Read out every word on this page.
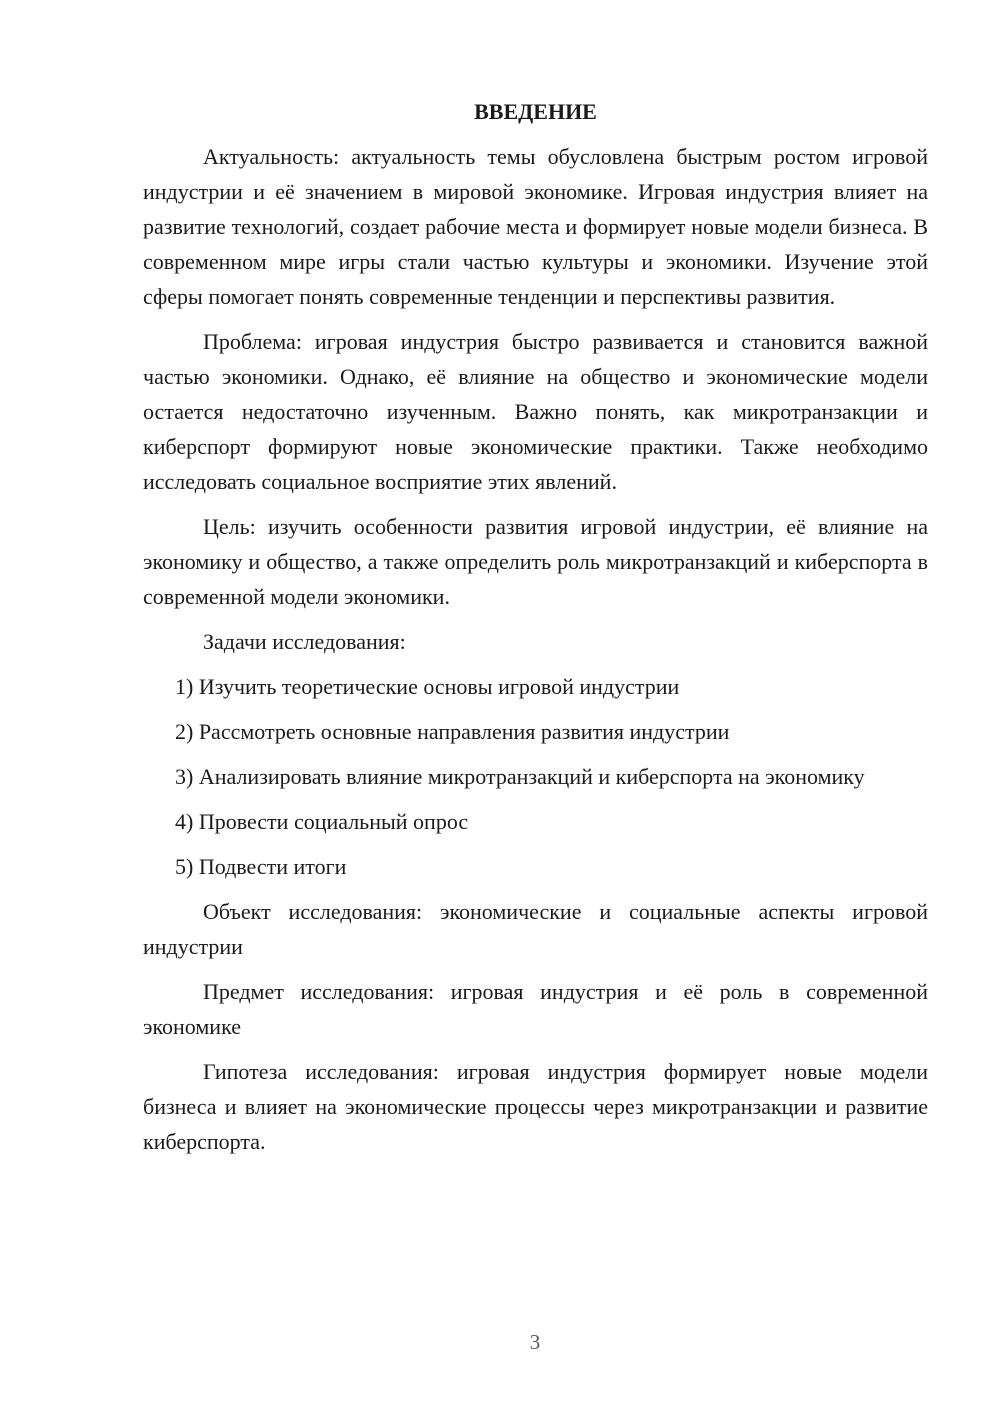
ВВЕДЕНИЕ

Актуальность: актуальность темы обусловлена быстрым ростом игровой индустрии и её значением в мировой экономике. Игровая индустрия влияет на развитие технологий, создает рабочие места и формирует новые модели бизнеса. В современном мире игры стали частью культуры и экономики. Изучение этой сферы помогает понять современные тенденции и перспективы развития.

Проблема: игровая индустрия быстро развивается и становится важной частью экономики. Однако, её влияние на общество и экономические модели остается недостаточно изученным. Важно понять, как микротранзакции и киберспорт формируют новые экономические практики. Также необходимо исследовать социальное восприятие этих явлений.

Цель: изучить особенности развития игровой индустрии, её влияние на экономику и общество, а также определить роль микротранзакций и киберспорта в современной модели экономики.

Задачи исследования:

1) Изучить теоретические основы игровой индустрии

2) Рассмотреть основные направления развития индустрии

3) Анализировать влияние микротранзакций и киберспорта на экономику

4) Провести социальный опрос

5) Подвести итоги

Объект исследования: экономические и социальные аспекты игровой индустрии

Предмет исследования: игровая индустрия и её роль в современной экономике

Гипотеза исследования: игровая индустрия формирует новые модели бизнеса и влияет на экономические процессы через микротранзакции и развитие киберспорта.

3
